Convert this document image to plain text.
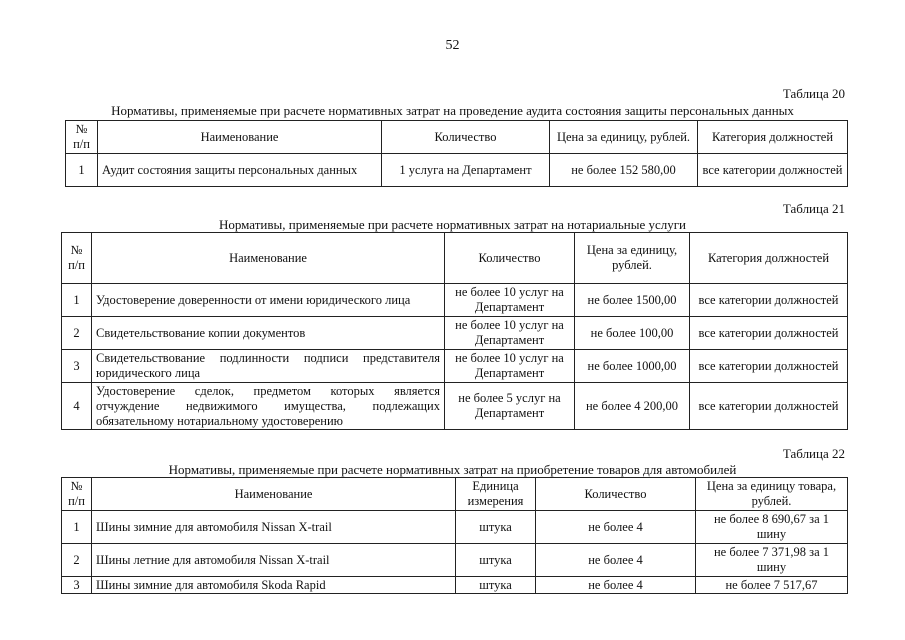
52
Таблица 20
Нормативы, применяемые при расчете нормативных затрат на проведение аудита состояния защиты персональных данных
№ п/п	Наименование	Количество	Цена за единицу, рублей.	Категория должностей
1	Аудит состояния защиты персональных данных	1 услуга на Департамент	не более 152 580,00	все категории должностей
Таблица 21
Нормативы, применяемые при расчете нормативных затрат на нотариальные услуги
№ п/п	Наименование	Количество	Цена за единицу, рублей.	Категория должностей
1	Удостоверение доверенности от имени юридического лица	не более 10 услуг на Департамент	не более 1500,00	все категории должностей
2	Свидетельствование копии документов	не более 10 услуг на Департамент	не более 100,00	все категории должностей
3	Свидетельствование подлинности подписи представителя юридического лица	не более 10 услуг на Департамент	не более 1000,00	все категории должностей
4	Удостоверение сделок, предметом которых является отчуждение недвижимого имущества, подлежащих обязательному нотариальному удостоверению	не более 5 услуг на Департамент	не более 4 200,00	все категории должностей
Таблица 22
Нормативы, применяемые при расчете нормативных затрат на приобретение товаров для автомобилей
№ п/п	Наименование	Единица измерения	Количество	Цена за единицу товара, рублей.
1	Шины зимние для автомобиля Nissan X-trail	штука	не более 4	не более 8 690,67 за 1 шину
2	Шины летние для автомобиля Nissan X-trail	штука	не более 4	не более 7 371,98 за 1 шину
3	Шины зимние для автомобиля Skoda Rapid	штука	не более 4	не более 7 517,67
